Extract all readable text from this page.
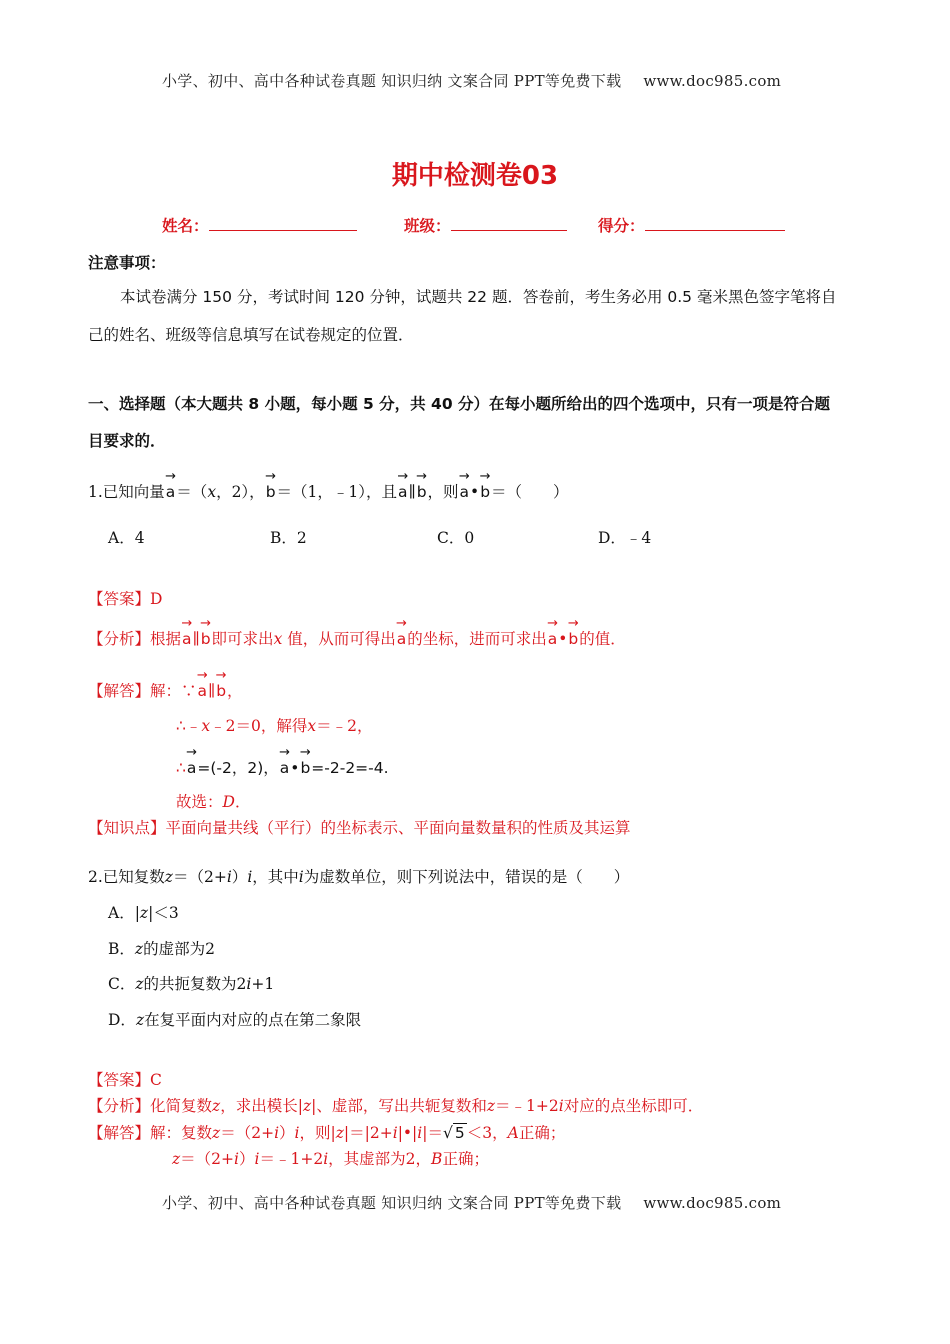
小学、初中、高中各种试卷真题 知识归纳 文案合同 PPT等免费下载 www.doc985.com
期中检测卷03
姓名：	班级：	得分：
注意事项：
本试卷满分 150 分，考试时间 120 分钟，试题共 22 题．答卷前，考生务必用 0.5 毫米黑色签字笔将自
己的姓名、班级等信息填写在试卷规定的位置．
一、选择题（本大题共 8 小题，每小题 5 分，共 40 分）在每小题所给出的四个选项中，只有一项是符合题
目要求的．
1.已知向量→ a＝（x，2），→ b＝（1，﹣1），且→ a∥→ b，则→ a•→ b＝（　　）
A．4	B．2	C．0	D．﹣4
【答案】D
【分析】根据→ a∥→ b即可求出x 值，从而可得出→ a的坐标，进而可求出→ a•→ b的值．
【解答】解：∵→ a∥→ b，
∴﹣x﹣2＝0，解得x＝﹣2，
∴→ a=(-2，2)，→ a•→ b=-2-2=-4.
故选：D．
【知识点】平面向量共线（平行）的坐标表示、平面向量数量积的性质及其运算
2.已知复数z＝（2+i）i，其中i为虚数单位，则下列说法中，错误的是（　　）
A．|z|＜3
B．z的虚部为2
C．z的共扼复数为2i+1
D．z在复平面内对应的点在第二象限
【答案】C
【分析】化简复数z，求出模长|z|、虚部，写出共轭复数和z＝﹣1+2i对应的点坐标即可．
【解答】解：复数z＝（2+i）i，则|z|＝|2+i|•|i|＝√ 5 ＜3，A正确；
z＝（2+i）i＝﹣1+2i，其虚部为2，B正确；
小学、初中、高中各种试卷真题 知识归纳 文案合同 PPT等免费下载 www.doc985.com
